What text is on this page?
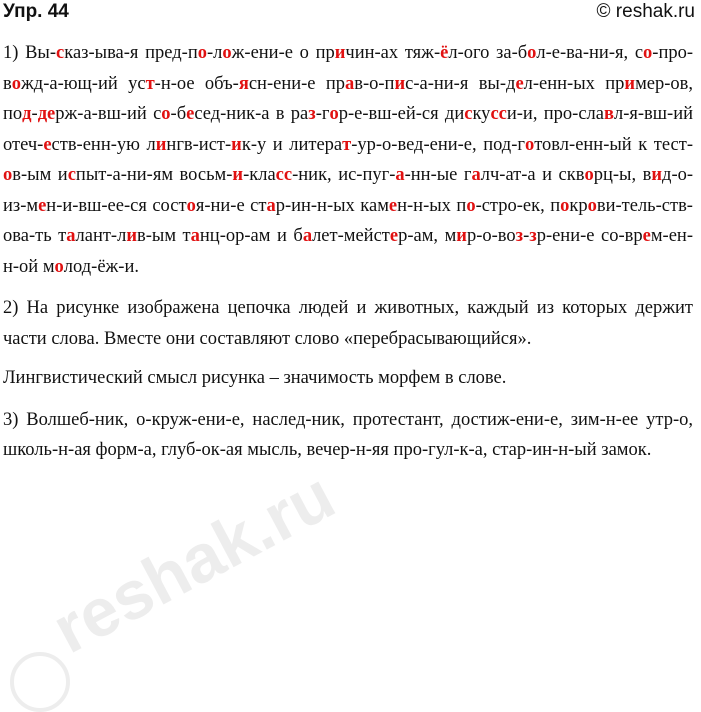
Упр. 44	© reshak.ru

1) Вы-сказ-ыва-я пред-по-лож-ени-е о причин-ах тяж-ёл-ого за-бол-е-ва-ни-я, со-про-вожд-а-ющ-ий уст-н-ое объ-ясн-ени-е прав-о-пис-а-ни-я вы-дел-енн-ых пример-ов, под-держ-а-вш-ий со-бесед-ник-а в раз-гор-е-вш-ей-ся дискусси-и, про-славл-я-вш-ий отеч-еств-енн-ую лингв-ист-ик-у и литерат-ур-о-вед-ени-е, под-готовл-енн-ый к тест-ов-ым испыт-а-ни-ям восьм-и-класс-ник, ис-пуг-а-нн-ые галч-ат-а и скворц-ы, вид-о-из-мен-и-вш-ее-ся состоя-ни-е стар-ин-н-ых камен-н-ых по-стро-ек, покрови-тель-ств-ова-ть талант-лив-ым танц-ор-ам и балет-мейстер-ам, мир-о-воз-зр-ени-е со-врем-ен-н-ой молод-ёж-и.

2) На рисунке изображена цепочка людей и животных, каждый из которых держит части слова. Вместе они составляют слово «перебрасывающийся».

Лингвистический смысл рисунка – значимость морфем в слове.

3) Волшеб-ник, о-круж-ени-е, наслед-ник, протестант, достиж-ени-е, зим-н-ее утр-о, школь-н-ая форм-а, глуб-ок-ая мысль, вечер-н-яя про-гул-к-а, стар-ин-н-ый замок.

reshak.ru
